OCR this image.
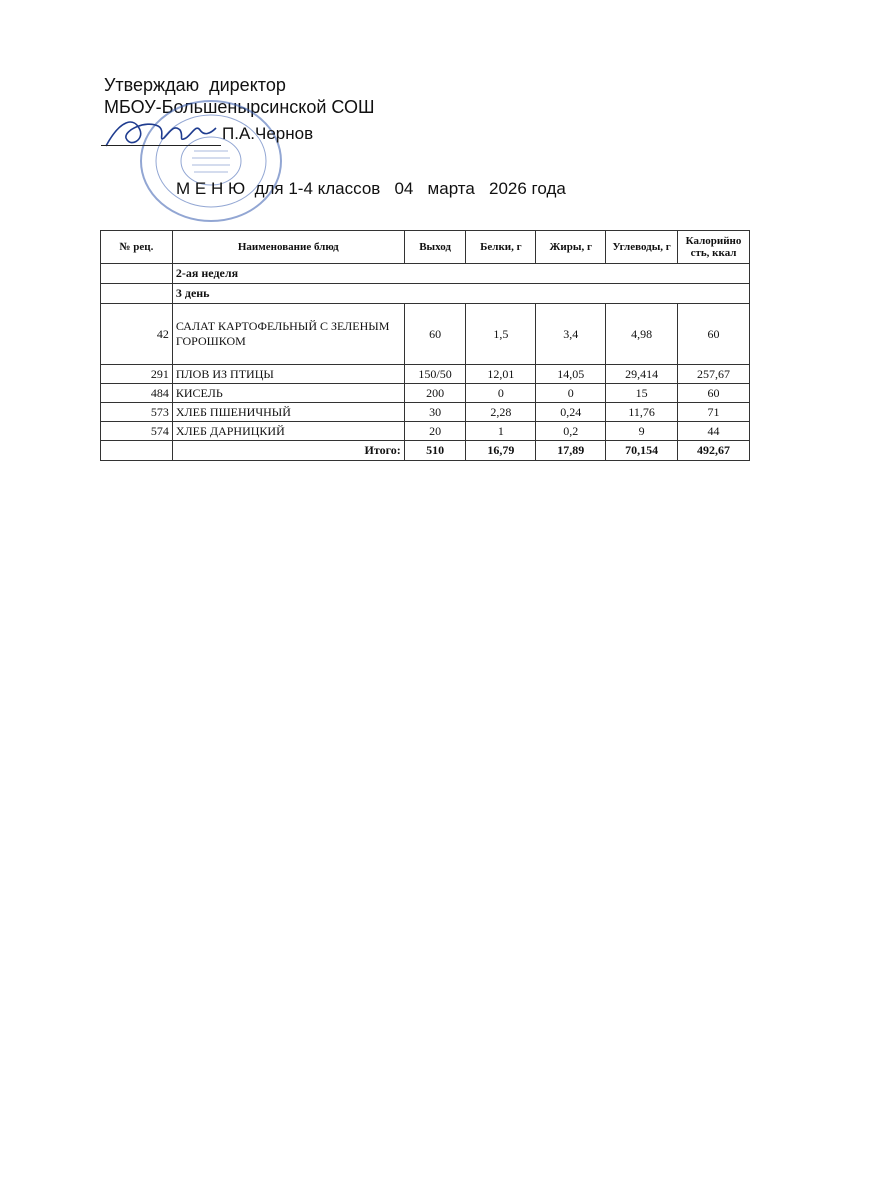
Утверждаю  директор
МБОУ-Большенырсинской СОШ
П.А.Чернов
М Е Н Ю  для 1-4 классов   04   марта   2026 года
№ рец.	Наименование блюд	Выход	Белки, г	Жиры, г	Углеводы, г	Калорийно сть, ккал
	2-ая неделя					
	3 день					
42	САЛАТ КАРТОФЕЛЬНЫЙ С ЗЕЛЕНЫМ ГОРОШКОМ	60	1,5	3,4	4,98	60
291	ПЛОВ ИЗ ПТИЦЫ	150/50	12,01	14,05	29,414	257,67
484	КИСЕЛЬ	200	0	0	15	60
573	ХЛЕБ ПШЕНИЧНЫЙ	30	2,28	0,24	11,76	71
574	ХЛЕБ ДАРНИЦКИЙ	20	1	0,2	9	44
	Итого:	510	16,79	17,89	70,154	492,67
